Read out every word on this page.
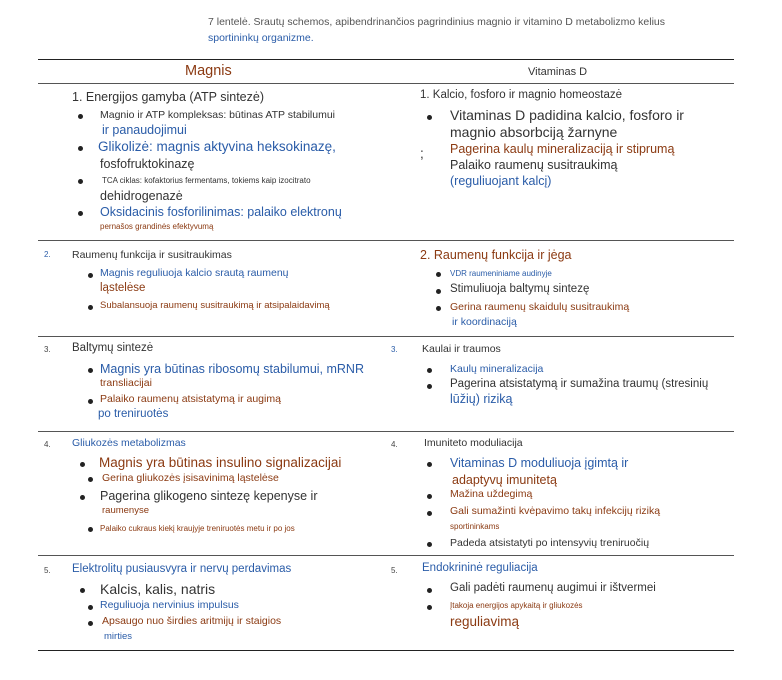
7 lentelė. Srautų schemos, apibendrinančios pagrindinius magnio ir vitamino D metabolizmo kelius
sportininkų organizme.
Magnis	Vitaminas D
1. Energijos gamyba (ATP sintezė)
Magnio ir ATP kompleksas: būtinas ATP stabilumui
ir panaudojimui
Glikolizė: magnis aktyvina heksokinazę,
fosfofruktokinazę
TCA ciklas: kofaktorius fermentams, tokiems kaip izocitrato
dehidrogenazė
Oksidacinis fosforilinimas: palaiko elektronų
pernašos grandinės efektyvumą
2. Raumenų funkcija ir susitraukimas
Magnis reguliuoja kalcio srautą raumenų
ląstelėse
Subalansuoja raumenų susitraukimą ir atsipalaidavimą
3. Baltymų sintezė
Magnis yra būtinas ribosomų stabilumui, mRNR
transliacijai
Palaiko raumenų atsistatymą ir augimą
po treniruotės
4. Gliukozės metabolizmas
Magnis yra būtinas insulino signalizacijai
Gerina gliukozės įsisavinimą ląstelėse
Pagerina glikogeno sintezę kepenyse ir
raumenyse
Palaiko cukraus kiekį kraujyje treniruotės metu ir po jos
5. Elektrolitų pusiausvyra ir nervų perdavimas
Kalcis, kalis, natris
Reguliuoja nervinius impulsus
Apsaugo nuo širdies aritmijų ir staigios
mirties
1. Kalcio, fosforo ir magnio homeostazė
Vitaminas D padidina kalcio, fosforo ir
magnio absorbciją žarnyne
; Pagerina kaulų mineralizaciją ir stiprumą
Palaiko raumenų susitraukimą
(reguliuojant kalcį)
2. Raumenų funkcija ir jėga
VDR raumeniniame audinyje
Stimuliuoja baltymų sintezę
Gerina raumenų skaidulų susitraukimą
ir koordinaciją
3. Kaulai ir traumos
Kaulų mineralizacija
Pagerina atsistatymą ir sumažina traumų (stresinių
lūžių) riziką
4.	Imuniteto moduliacija
Vitaminas D moduliuoja įgimtą ir
adaptyvų imunitetą
Mažina uždegimą
Gali sumažinti kvėpavimo takų infekcijų riziką
sportininkams
Padeda atsistatyti po intensyvių treniruočių
5. Endokrininė reguliacija
Gali padėti raumenų augimui ir ištvermei
Įtakoja energijos apykaitą ir gliukozės
reguliavimą
